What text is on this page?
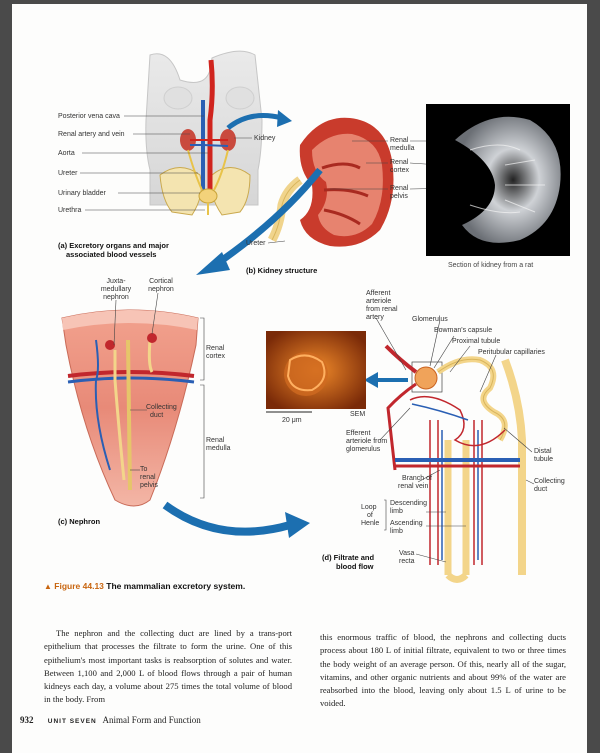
Posterior vena cava
Renal artery and vein
Aorta
Ureter
Urinary bladder
Urethra
Kidney
(a) Excretory organs and major
associated blood vessels
Renal
medulla
Renal
cortex
Renal
pelvis
Ureter
(b) Kidney structure
Section of kidney from a rat
Juxta-
medullary
nephron
Cortical
nephron
Renal
cortex
Renal
medulla
Collecting
duct
To
renal
pelvis
(c) Nephron
Afferent
arteriole
from renal
artery	Glomerulus
Bowman's capsule
Proximal tubule
Peritubular capillaries
20 μm
SEM
Efferent
arteriole from
glomerulus
Branch of
renal vein
Loop
of
Henle
Descending
limb
Ascending
limb
Vasa
recta
Distal
tubule
Collecting
duct
(d) Filtrate and
blood flow
▲ Figure 44.13 The mammalian excretory system.
The nephron and the collecting duct are lined by a trans-port epithelium that processes the filtrate to form the urine. One of this epithelium's most important tasks is reabsorption of solutes and water. Between 1,100 and 2,000 L of blood flows through a pair of human kidneys each day, a volume about 275 times the total volume of blood in the body. From
this enormous traffic of blood, the nephrons and collecting ducts process about 180 L of initial filtrate, equivalent to two or three times the body weight of an average person. Of this, nearly all of the sugar, vitamins, and other organic nutrients and about 99% of the water are reabsorbed into the blood, leaving only about 1.5 L of urine to be voided.
932 UNIT SEVEN Animal Form and Function
